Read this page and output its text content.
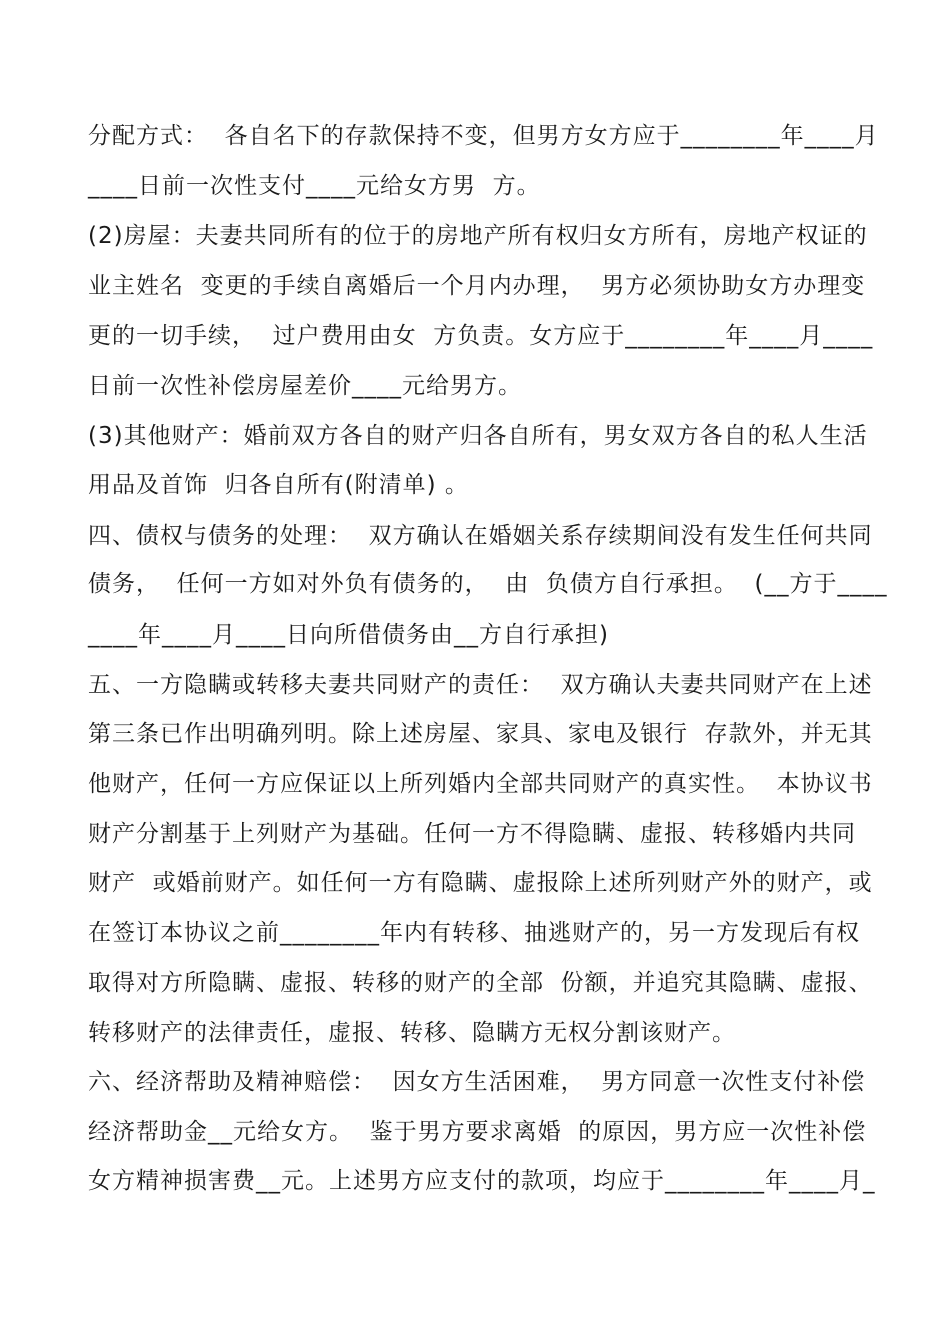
分配方式：  各自名下的存款保持不变，但男方女方应于________年____月

____日前一次性支付____元给女方男  方。

(2)房屋：夫妻共同所有的位于的房地产所有权归女方所有，房地产权证的

业主姓名  变更的手续自离婚后一个月内办理，  男方必须协助女方办理变

更的一切手续，  过户费用由女  方负责。女方应于________年____月____

日前一次性补偿房屋差价____元给男方。

(3)其他财产：婚前双方各自的财产归各自所有，男女双方各自的私人生活

用品及首饰  归各自所有(附清单) 。

四、债权与债务的处理：  双方确认在婚姻关系存续期间没有发生任何共同

债务，  任何一方如对外负有债务的，  由  负债方自行承担。  (__方于____

____年____月____日向所借债务由__方自行承担)

五、一方隐瞒或转移夫妻共同财产的责任：  双方确认夫妻共同财产在上述

第三条已作出明确列明。除上述房屋、家具、家电及银行  存款外，并无其

他财产，任何一方应保证以上所列婚内全部共同财产的真实性。  本协议书

财产分割基于上列财产为基础。任何一方不得隐瞒、虚报、转移婚内共同

财产  或婚前财产。如任何一方有隐瞒、虚报除上述所列财产外的财产，或

在签订本协议之前________年内有转移、抽逃财产的，另一方发现后有权

取得对方所隐瞒、虚报、转移的财产的全部  份额，并追究其隐瞒、虚报、

转移财产的法律责任，虚报、转移、隐瞒方无权分割该财产。

六、经济帮助及精神赔偿：  因女方生活困难，  男方同意一次性支付补偿

经济帮助金__元给女方。  鉴于男方要求离婚  的原因，男方应一次性补偿

女方精神损害费__元。上述男方应支付的款项，均应于________年____月_
